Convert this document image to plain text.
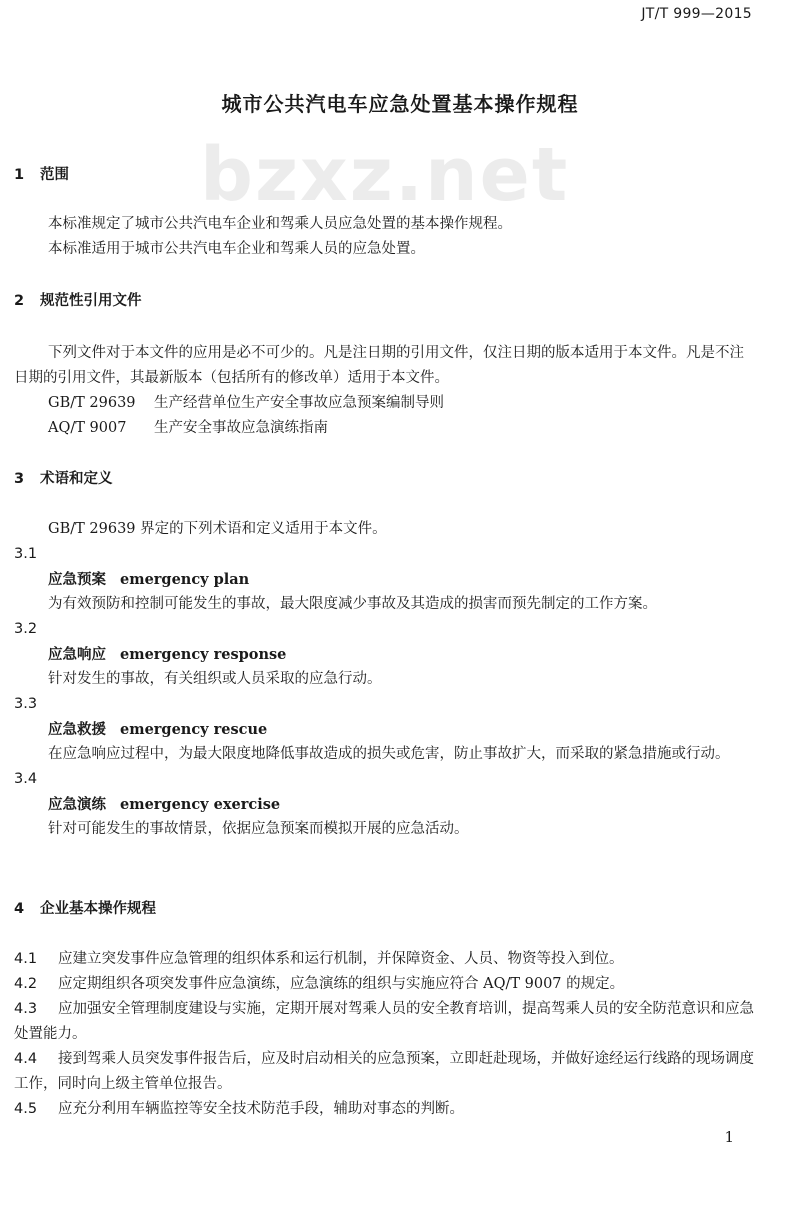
JT/T 999—2015
城市公共汽电车应急处置基本操作规程
bzxz.net
1 范围

本标准规定了城市公共汽电车企业和驾乘人员应急处置的基本操作规程。

本标准适用于城市公共汽电车企业和驾乘人员的应急处置。

2 规范性引用文件

下列文件对于本文件的应用是必不可少的。凡是注日期的引用文件，仅注日期的版本适用于本文件。凡是不注日期的引用文件，其最新版本（包括所有的修改单）适用于本文件。

GB/T 29639 生产经营单位生产安全事故应急预案编制导则

AQ/T 9007 生产安全事故应急演练指南

3 术语和定义

GB/T 29639 界定的下列术语和定义适用于本文件。

3.1

应急预案 emergency plan

为有效预防和控制可能发生的事故，最大限度减少事故及其造成的损害而预先制定的工作方案。

3.2

应急响应 emergency response

针对发生的事故，有关组织或人员采取的应急行动。

3.3

应急救援 emergency rescue

在应急响应过程中，为最大限度地降低事故造成的损失或危害，防止事故扩大，而采取的紧急措施或行动。

3.4

应急演练 emergency exercise

针对可能发生的事故情景，依据应急预案而模拟开展的应急活动。

4 企业基本操作规程

4.1 应建立突发事件应急管理的组织体系和运行机制，并保障资金、人员、物资等投入到位。

4.2 应定期组织各项突发事件应急演练，应急演练的组织与实施应符合 AQ/T 9007 的规定。

4.3 应加强安全管理制度建设与实施，定期开展对驾乘人员的安全教育培训，提高驾乘人员的安全防范意识和应急处置能力。

4.4 接到驾乘人员突发事件报告后，应及时启动相关的应急预案，立即赶赴现场，并做好途经运行线路的现场调度工作，同时向上级主管单位报告。

4.5 应充分利用车辆监控等安全技术防范手段，辅助对事态的判断。

1
